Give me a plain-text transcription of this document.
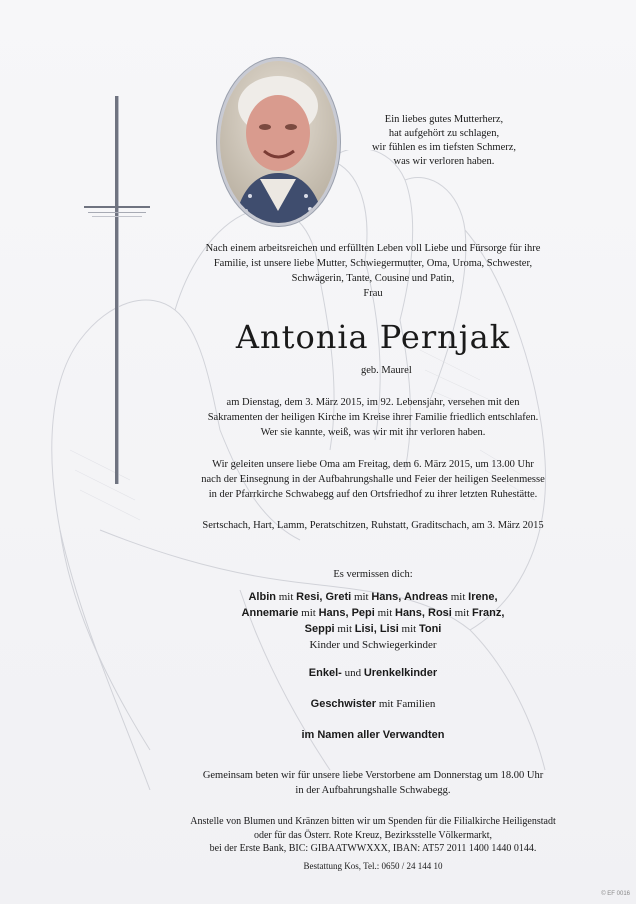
Ein liebes gutes Mutterherz,
hat aufgehört zu schlagen,
wir fühlen es im tiefsten Schmerz,
was wir verloren haben.
Nach einem arbeitsreichen und erfüllten Leben voll Liebe und Fürsorge für ihre
Familie, ist unsere liebe Mutter, Schwiegermutter, Oma, Uroma, Schwester,
Schwägerin, Tante, Cousine und Patin,
Frau
Antonia Pernjak
geb. Maurel
am Dienstag, dem 3. März 2015, im 92. Lebensjahr, versehen mit den
Sakramenten der heiligen Kirche im Kreise ihrer Familie friedlich entschlafen.
Wer sie kannte, weiß, was wir mit ihr verloren haben.
Wir geleiten unsere liebe Oma am Freitag, dem 6. März 2015, um 13.00 Uhr
nach der Einsegnung in der Aufbahrungshalle und Feier der heiligen Seelenmesse
in der Pfarrkirche Schwabegg auf den Ortsfriedhof zu ihrer letzten Ruhestätte.
Sertschach, Hart, Lamm, Peratschitzen, Ruhstatt, Graditschach, am 3. März 2015
Es vermissen dich:
Albin mit Resi, Greti mit Hans, Andreas mit Irene,
Annemarie mit Hans, Pepi mit Hans, Rosi mit Franz,
Seppi mit Lisi, Lisi mit Toni
Kinder und Schwiegerkinder
Enkel- und Urenkelkinder
Geschwister mit Familien
im Namen aller Verwandten
Gemeinsam beten wir für unsere liebe Verstorbene am Donnerstag um 18.00 Uhr
in der Aufbahrungshalle Schwabegg.
Anstelle von Blumen und Kränzen bitten wir um Spenden für die Filialkirche Heiligenstadt
oder für das Österr. Rote Kreuz, Bezirksstelle Völkermarkt,
bei der Erste Bank, BIC: GIBAATWWXXX, IBAN: AT57 2011 1400 1440 0144.
Bestattung Kos, Tel.: 0650 / 24 144 10
© EF 0016
